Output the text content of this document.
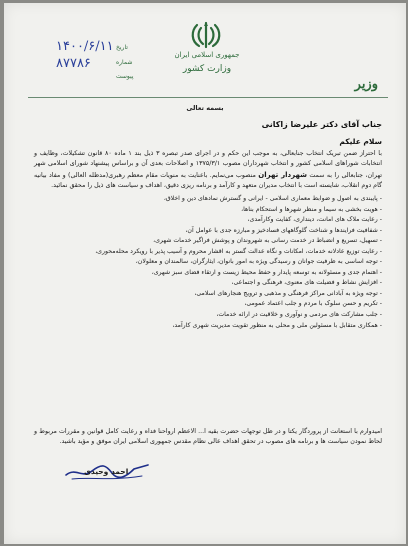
جمهوری اسلامی ایران
وزارت کشور
وزیر
تاریخ
شماره
پیوست
۱۴۰۰/۶/۱۱
۸۷۷۸۶
بسمه تعالی
جناب آقای دکتر علیرضا زاکانی
سلام علیکم
با احتراز ضمن تبریک انتخاب جنابعالی، به موجب این حکم و در اجرای صدر تبصره ۳ ذیل بند ۱ ماده ۸۰ قانون تشکیلات، وظایف و انتخابات شوراهای اسلامی کشور و انتخاب شهرداران مصوب ۱۳۷۵/۳/۱ و اصلاحات بعدی آن و براساس پیشنهاد شورای اسلامی شهر تهران، جنابعالی را به سمت شهردار تهران منصوب می‌نمایم. باعنایت به منویات مقام معظم رهبری(مدظله العالی) و مفاد بیانیه گام دوم انقلاب، شایسته است با انتخاب مدیران متعهد و کارآمد و برنامه ریزی دقیق، اهداف و سیاست های ذیل را محقق نمائید.
- پایبندی به اصول و ضوابط معماری اسلامی - ایرانی و گسترش نمادهای دین و اخلاق،
- هویت بخشی به سیما و منظر شهرها و استحکام بناها،
- رعایت ملاک های امانت، دینداری، کفایت وکارآمدی،
- شفافیت فرایندها و شناخت گلوگاههای فسادخیز و مبارزه جدی با عوامل آن،
- تسهیل، تسریع و انضباط در خدمت رسانی به شهروندان و پوشش فراگیر خدمات شهری،
- رعایت توزیع عادلانه خدمات، امکانات و نگاه عدالت گستر به اقشار محروم و آسیب پذیر با رویکرد محله‌محوری،
- توجه اساسی به ظرفیت جوانان و رسیدگی ویژه به امور بانوان، ایثارگران، سالمندان و معلولان،
- اهتمام جدی و مسئولانه به توسعه پایدار و حفظ محیط زیست و ارتقاء فضای سبز شهری،
- افزایش نشاط و فضیلت های معنوی، فرهنگی و اجتماعی،
- توجه ویژه به آبادانی مراکز فرهنگی و مذهبی و ترویج هنجارهای اسلامی،
- تکریم و حسن سلوک با مردم و جلب اعتماد عمومی،
- جلب مشارکت های مردمی و نوآوری و خلاقیت در ارائه خدمات،
- همکاری متقابل با مسئولین ملی و محلی به منظور تقویت مدیریت شهری کارآمد،
امیدوارم با استعانت از پروردگار یکتا و در ظل توجهات حضرت بقیه ا... الاعظم ارواحنا فداه و رعایت کامل قوانین و مقررات مربوط و لحاظ نمودن سیاست ها و برنامه های مصوب در تحقق اهداف عالی نظام مقدس جمهوری اسلامی ایران موفق و مؤید باشید.
احمد وحیدی
